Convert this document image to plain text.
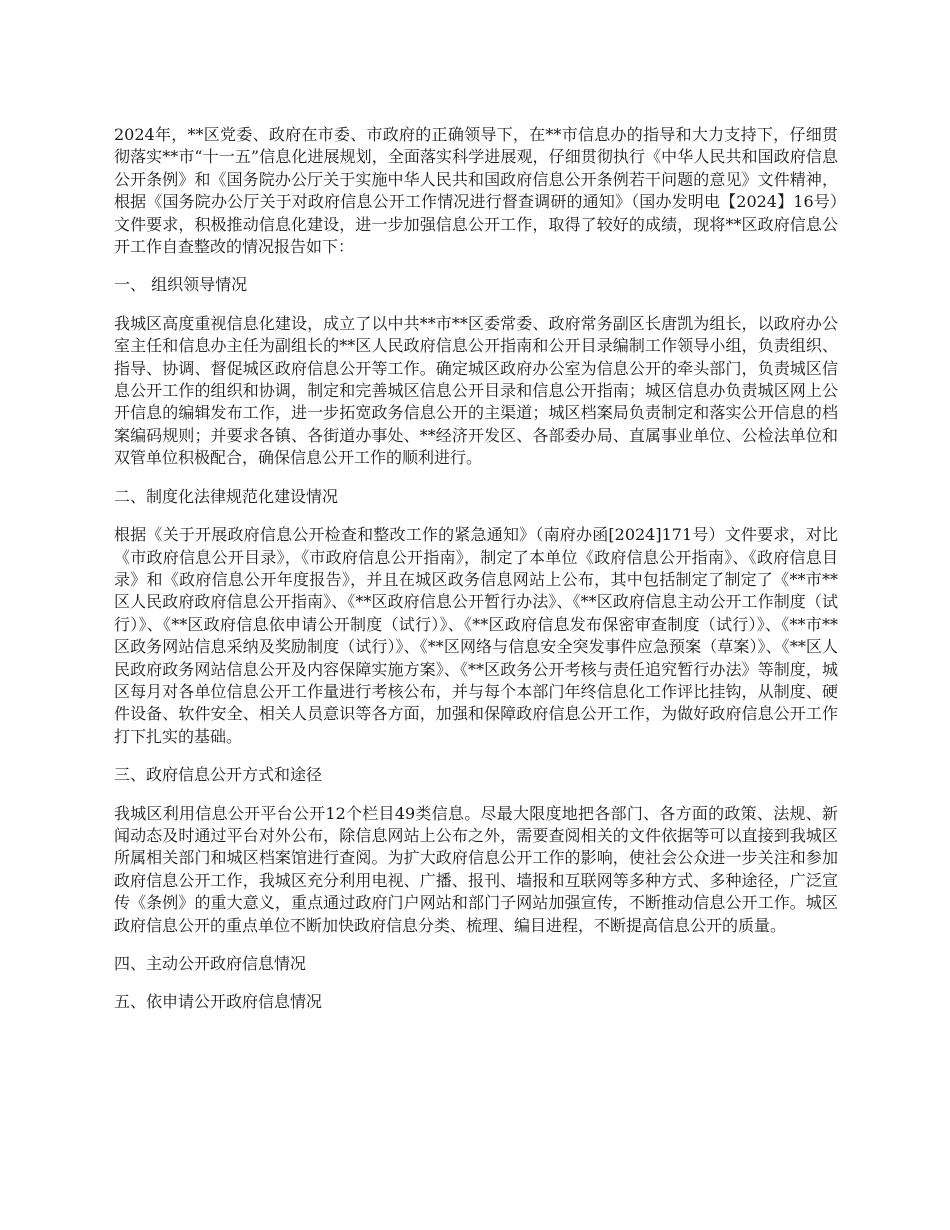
2024年，**区党委、政府在市委、市政府的正确领导下，在**市信息办的指导和大力支持下，仔细贯彻落实**市“十一五”信息化进展规划，全面落实科学进展观，仔细贯彻执行《中华人民共和国政府信息公开条例》和《国务院办公厅关于实施中华人民共和国政府信息公开条例若干问题的意见》文件精神，根据《国务院办公厅关于对政府信息公开工作情况进行督查调研的通知》（国办发明电【2024】16号）文件要求，积极推动信息化建设，进一步加强信息公开工作，取得了较好的成绩，现将**区政府信息公开工作自查整改的情况报告如下：

一、 组织领导情况

我城区高度重视信息化建设，成立了以中共**市**区委常委、政府常务副区长唐凯为组长，以政府办公室主任和信息办主任为副组长的**区人民政府信息公开指南和公开目录编制工作领导小组，负责组织、指导、协调、督促城区政府信息公开等工作。确定城区政府办公室为信息公开的牵头部门，负责城区信息公开工作的组织和协调，制定和完善城区信息公开目录和信息公开指南；城区信息办负责城区网上公开信息的编辑发布工作，进一步拓宽政务信息公开的主渠道；城区档案局负责制定和落实公开信息的档案编码规则；并要求各镇、各街道办事处、**经济开发区、各部委办局、直属事业单位、公检法单位和双管单位积极配合，确保信息公开工作的顺利进行。

二、制度化法律规范化建设情况

根据《关于开展政府信息公开检查和整改工作的紧急通知》（南府办函[2024]171号）文件要求，对比《市政府信息公开目录》，《市政府信息公开指南》，制定了本单位《政府信息公开指南》、《政府信息目录》和《政府信息公开年度报告》，并且在城区政务信息网站上公布，其中包括制定了制定了《**市**区人民政府政府信息公开指南》、《**区政府信息公开暂行办法》、《**区政府信息主动公开工作制度（试行）》、《**区政府信息依申请公开制度（试行）》、《**区政府信息发布保密审查制度（试行）》、《**市**区政务网站信息采纳及奖励制度（试行）》、《**区网络与信息安全突发事件应急预案（草案）》、《**区人民政府政务网站信息公开及内容保障实施方案》、《**区政务公开考核与责任追究暂行办法》等制度，城区每月对各单位信息公开工作量进行考核公布，并与每个本部门年终信息化工作评比挂钩，从制度、硬件设备、软件安全、相关人员意识等各方面，加强和保障政府信息公开工作，为做好政府信息公开工作打下扎实的基础。

三、政府信息公开方式和途径

我城区利用信息公开平台公开12个栏目49类信息。尽最大限度地把各部门、各方面的政策、法规、新闻动态及时通过平台对外公布，除信息网站上公布之外，需要查阅相关的文件依据等可以直接到我城区所属相关部门和城区档案馆进行查阅。为扩大政府信息公开工作的影响，使社会公众进一步关注和参加政府信息公开工作，我城区充分利用电视、广播、报刊、墙报和互联网等多种方式、多种途径，广泛宣传《条例》的重大意义，重点通过政府门户网站和部门子网站加强宣传，不断推动信息公开工作。城区政府信息公开的重点单位不断加快政府信息分类、梳理、编目进程，不断提高信息公开的质量。

四、主动公开政府信息情况

五、依申请公开政府信息情况
